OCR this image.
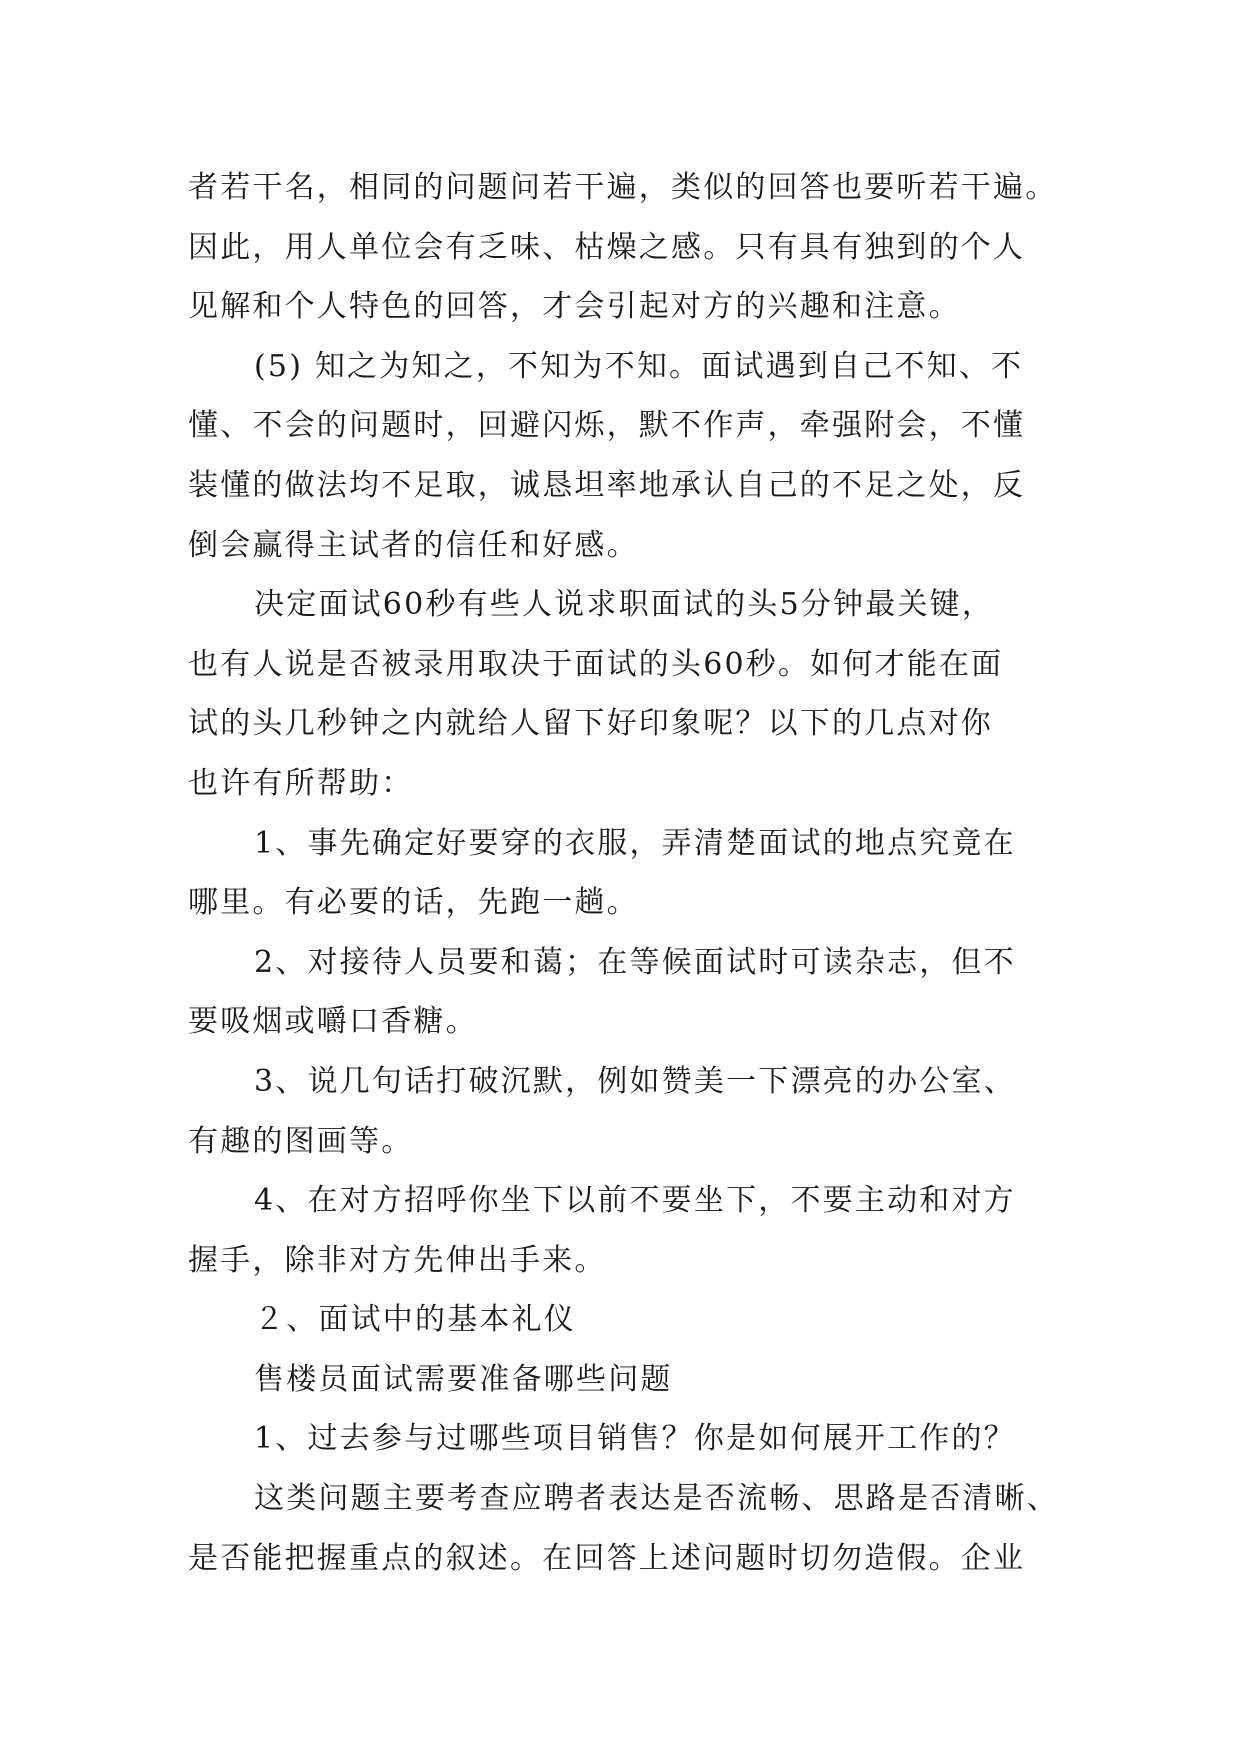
者若干名，相同的问题问若干遍，类似的回答也要听若干遍。
因此，用人单位会有乏味、枯燥之感。只有具有独到的个人
见解和个人特色的回答，才会引起对方的兴趣和注意。
(5) 知之为知之，不知为不知。面试遇到自己不知、不
懂、不会的问题时，回避闪烁，默不作声，牵强附会，不懂
装懂的做法均不足取，诚恳坦率地承认自己的不足之处，反
倒会赢得主试者的信任和好感。
决定面试60秒有些人说求职面试的头5分钟最关键，
也有人说是否被录用取决于面试的头60秒。如何才能在面
试的头几秒钟之内就给人留下好印象呢？以下的几点对你
也许有所帮助：
1、事先确定好要穿的衣服，弄清楚面试的地点究竟在
哪里。有必要的话，先跑一趟。
2、对接待人员要和蔼；在等候面试时可读杂志，但不
要吸烟或嚼口香糖。
3、说几句话打破沉默，例如赞美一下漂亮的办公室、
有趣的图画等。
4、在对方招呼你坐下以前不要坐下，不要主动和对方
握手，除非对方先伸出手来。
２、面试中的基本礼仪
售楼员面试需要准备哪些问题
1、过去参与过哪些项目销售？你是如何展开工作的？
这类问题主要考查应聘者表达是否流畅、思路是否清晰、
是否能把握重点的叙述。在回答上述问题时切勿造假。企业
